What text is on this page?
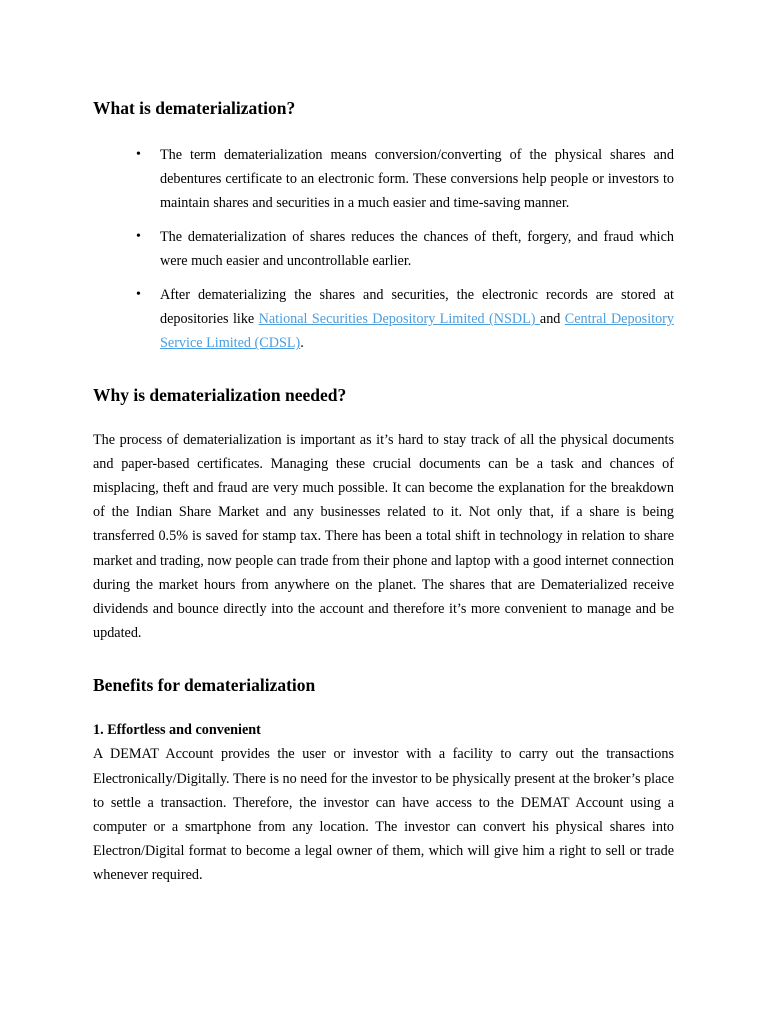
What is dematerialization?
• The term dematerialization means conversion/converting of the physical shares and debentures certificate to an electronic form. These conversions help people or investors to maintain shares and securities in a much easier and time-saving manner.
• The dematerialization of shares reduces the chances of theft, forgery, and fraud which were much easier and uncontrollable earlier.
• After dematerializing the shares and securities, the electronic records are stored at depositories like National Securities Depository Limited (NSDL) and Central Depository Service Limited (CDSL).
Why is dematerialization needed?

The process of dematerialization is important as it’s hard to stay track of all the physical documents and paper-based certificates. Managing these crucial documents can be a task and chances of misplacing, theft and fraud are very much possible. It can become the explanation for the breakdown of the Indian Share Market and any businesses related to it. Not only that, if a share is being transferred 0.5% is saved for stamp tax. There has been a total shift in technology in relation to share market and trading, now people can trade from their phone and laptop with a good internet connection during the market hours from anywhere on the planet. The shares that are Dematerialized receive dividends and bounce directly into the account and therefore it’s more convenient to manage and be updated.

Benefits for dematerialization
1. Effortless and convenient

A DEMAT Account provides the user or investor with a facility to carry out the transactions Electronically/Digitally. There is no need for the investor to be physically present at the broker’s place to settle a transaction. Therefore, the investor can have access to the DEMAT Account using a computer or a smartphone from any location. The investor can convert his physical shares into Electron/Digital format to become a legal owner of them, which will give him a right to sell or trade whenever required.
